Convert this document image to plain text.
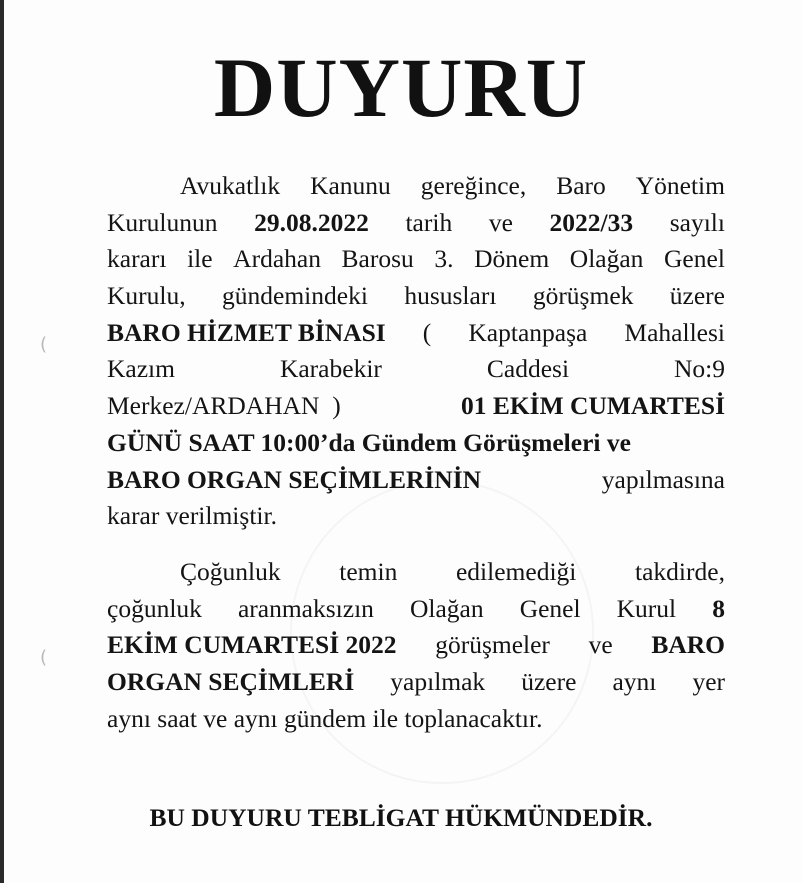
(
(
DUYURU
Avukatlık Kanunu gereğince, Baro Yönetim
Kurulunun 29.08.2022 tarih ve 2022/33 sayılı
kararı ile Ardahan Barosu 3. Dönem Olağan Genel
Kurulu, gündemindeki hususları görüşmek üzere
BARO HİZMET BİNASI ( Kaptanpaşa Mahallesi
Kazım	Karabekir	Caddesi	No:9
Merkez/ARDAHAN  )	01 EKİM CUMARTESİ
GÜNÜ SAAT 10:00’da Gündem Görüşmeleri ve
BARO ORGAN SEÇİMLERİNİN	yapılmasına
karar verilmiştir.
Çoğunluk temin edilemediği takdirde,
çoğunluk aranmaksızın Olağan Genel Kurul 8
EKİM CUMARTESİ 2022 görüşmeler ve BARO
ORGAN SEÇİMLERİ yapılmak üzere aynı yer
aynı saat ve aynı gündem ile toplanacaktır.
BU DUYURU TEBLİGAT HÜKMÜNDEDİR.
